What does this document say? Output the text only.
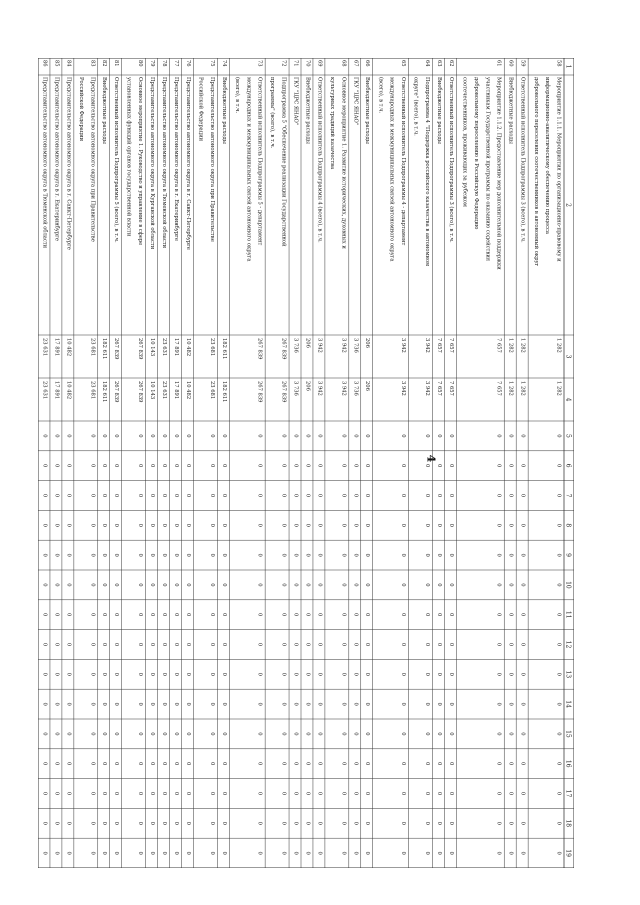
4
1
2
3
4
5
6
7
8
9
10
11
12
13
14
15
16
17
18
19
58
Мероприятие 1.1.1. Мероприятия по организационно-правовому и
информационно-аналитическому обеспечению процесса
добровольного переселения соотечественников в автономный округ
1 282
1 282
0
0
0
0
0
0
0
0
0
0
0
0
0
0
0
59
Ответственный исполнитель Подпрограммы 3 (всего), в т.ч.
1 282
1 282
0
0
0
0
0
0
0
0
0
0
0
0
0
0
0
60
Внебюджетные расходы
1 282
1 282
0
0
0
0
0
0
0
0
0
0
0
0
0
0
0
61
Мероприятие 1.1.2. Предоставление мер дополнительной поддержки
участникам Государственной программы по оказанию содействия
добровольному переселению в Российскую Федерацию
соотечественников, проживающих за рубежом
7 657
7 657
0
0
0
0
0
0
0
0
0
0
0
0
0
0
0
62
Ответственный исполнитель Подпрограммы 3 (всего), в т.ч.
7 657
7 657
0
0
0
0
0
0
0
0
0
0
0
0
0
0
0
63
Внебюджетные расходы
7 657
7 657
0
0
0
0
0
0
0
0
0
0
0
0
0
0
0
64
Подпрограмма 4 "Поддержка российского казачества в автономном
округе" (всего), в т.ч.
3 942
3 942
0
0
0
0
0
0
0
0
0
0
0
0
0
0
0
65
Ответственный исполнитель Подпрограммы 4 - департамент
международных и межмуниципальных связей автономного округа
(всего), в т.ч.
3 942
3 942
0
0
0
0
0
0
0
0
0
0
0
0
0
0
0
66
Внебюджетные расходы
206
206
0
0
0
0
0
0
0
0
0
0
0
0
0
0
0
67
ГКУ "ЦРС ЯНАО"
3 736
3 736
0
0
0
0
0
0
0
0
0
0
0
0
0
0
0
68
Основное мероприятие 1. Развитие исторических, духовных и
культурных традиций казачества
3 942
3 942
0
0
0
0
0
0
0
0
0
0
0
0
0
0
0
69
Ответственный исполнитель Подпрограммы 4 (всего), в т.ч.
3 942
3 942
0
0
0
0
0
0
0
0
0
0
0
0
0
0
0
70
Внебюджетные расходы
206
206
0
0
0
0
0
0
0
0
0
0
0
0
0
0
0
71
ГКУ "ЦРС ЯНАО"
3 736
3 736
0
0
0
0
0
0
0
0
0
0
0
0
0
0
0
72
Подпрограмма 5 "Обеспечение реализации Государственной
программы" (всего), в т.ч.
267 839
267 839
0
0
0
0
0
0
0
0
0
0
0
0
0
0
0
73
Ответственный исполнитель Подпрограммы 5 - департамент
международных и межмуниципальных связей автономного округа
(всего), в т.ч.
267 839
267 839
0
0
0
0
0
0
0
0
0
0
0
0
0
0
0
74
Внебюджетные расходы
182 611
182 611
0
0
0
0
0
0
0
0
0
0
0
0
0
0
0
75
Представительство автономного округа при Правительстве
Российской Федерации
23 681
23 681
0
0
0
0
0
0
0
0
0
0
0
0
0
0
0
76
Представительство автономного округа в г. Санкт-Петербурге
10 482
10 482
0
0
0
0
0
0
0
0
0
0
0
0
0
0
0
77
Представительство автономного округа в г. Екатеринбурге
17 891
17 891
0
0
0
0
0
0
0
0
0
0
0
0
0
0
0
78
Представительство автономного округа в Тюменской области
23 631
23 631
0
0
0
0
0
0
0
0
0
0
0
0
0
0
0
79
Представительство автономного округа в Курганской области
10 143
10 143
0
0
0
0
0
0
0
0
0
0
0
0
0
0
0
80
Основное мероприятие 1. Руководство и управление в сфере
установленных функций органов государственной власти
267 839
267 839
0
0
0
0
0
0
0
0
0
0
0
0
0
0
0
81
Ответственный исполнитель Подпрограммы 5 (всего), в т.ч.
267 839
267 839
0
0
0
0
0
0
0
0
0
0
0
0
0
0
0
82
Внебюджетные расходы
182 611
182 611
0
0
0
0
0
0
0
0
0
0
0
0
0
0
0
83
Представительство автономного округа при Правительстве
Российской Федерации
23 681
23 681
0
0
0
0
0
0
0
0
0
0
0
0
0
0
0
84
Представительство автономного округа в г. Санкт-Петербурге
10 482
10 482
0
0
0
0
0
0
0
0
0
0
0
0
0
0
0
85
Представительство автономного округа в г. Екатеринбурге
17 891
17 891
0
0
0
0
0
0
0
0
0
0
0
0
0
0
0
86
Представительство автономного округа в Тюменской области
23 631
23 631
0
0
0
0
0
0
0
0
0
0
0
0
0
0
0
